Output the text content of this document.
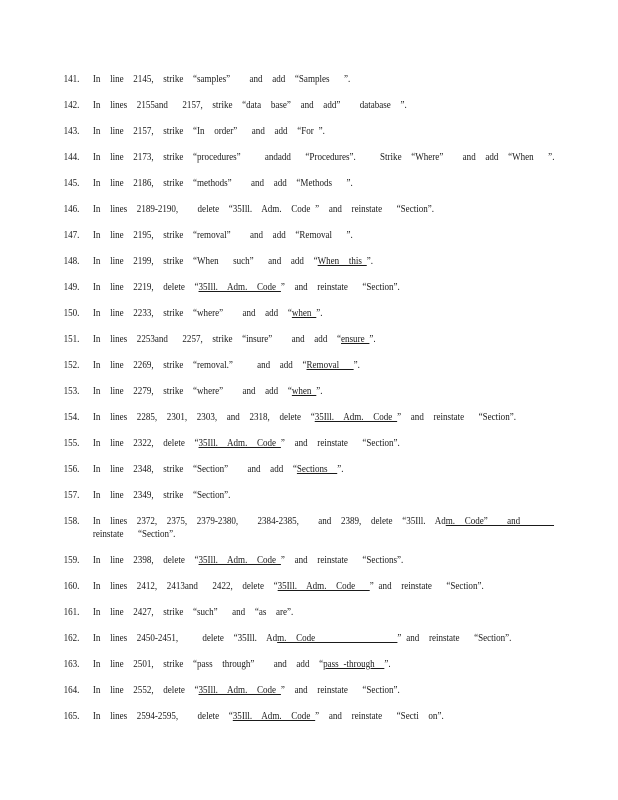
141. In  line  2145,  strike  “samples”    and  add  “Samples   ”.
142. In  lines  2155and   2157,  strike  “data  base”  and  add”    database  ”.
143. In  line  2157,  strike  “In  order”   and  add  “For ”.
144. In  line  2173,  strike  “procedures”     andadd   “Procedures”.     Strike  “Where”    and  add  “When   ”.
145. In  line  2186,  strike  “methods”    and  add  “Methods   ”.
146. In  lines  2189-2190,    delete  “35Ill.  Adm.  Code ”  and  reinstate   “Section”.
147. In  line  2195,  strike  “removal”    and  add  “Removal   ”.
148. In  line  2199,  strike  “When   such”   and  add  “When  this ”.
149. In  line  2219,  delete  “35Ill.  Adm.  Code ”  and  reinstate   “Section”.
150. In  line  2233,  strike  “where”    and  add  “when ”.
151. In  lines  2253and   2257,  strike  “insure”    and  add  “ensure ”.
152. In  line  2269,  strike  “removal.”     and  add  “Removal   ”.
153. In  line  2279,  strike  “where”    and  add  “when ”.
154. In  lines  2285,  2301,  2303,  and  2318,  delete  “35Ill.  Adm.  Code ”  and  reinstate   “Section”.
155. In  line  2322,  delete  “35Ill.  Adm.  Code ”  and  reinstate   “Section”.
156. In  line  2348,  strike  “Section”    and  add  “Sections  ”.
157. In  line  2349,  strike  “Section”.
158. In  lines  2372,  2375,  2379-2380,    2384-2385,    and  2389,  delete  “35Ill.  Adm.  Code”    and
reinstate   “Section”.
159. In  line  2398,  delete  “35Ill.  Adm.  Code ”  and  reinstate   “Sections”.
160. In  lines  2412,  2413and   2422,  delete  “35Ill.  Adm.  Code   ” and  reinstate   “Section”.
161. In  line  2427,  strike  “such”   and  “as  are”.
162. In  lines  2450-2451,     delete  “35Ill.  Adm.  Code                 ” and  reinstate   “Section”.
163. In  line  2501,  strike  “pass  through”    and  add  “pass -through  ”.
164. In  line  2552,  delete  “35Ill.  Adm.  Code ”  and  reinstate   “Section”.
165. In  lines  2594-2595,    delete  “35Ill.  Adm.  Code ”  and  reinstate   “Secti  on”.
